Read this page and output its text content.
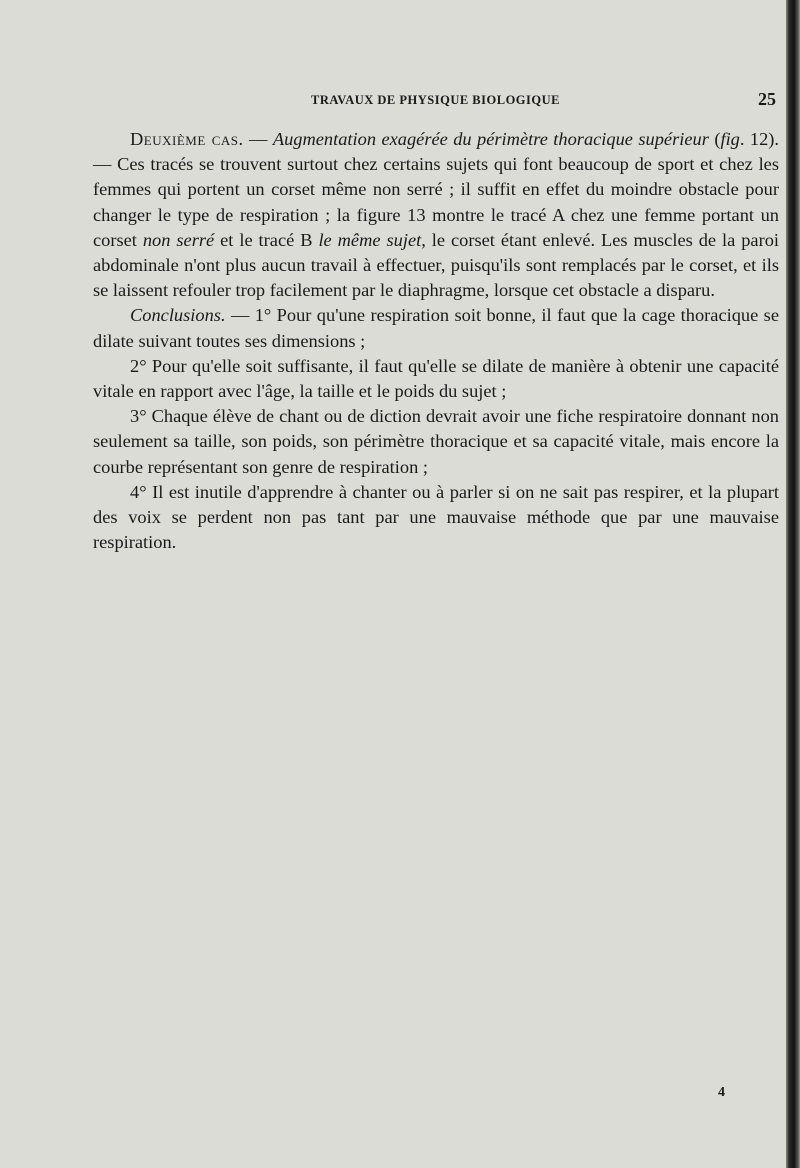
TRAVAUX DE PHYSIQUE BIOLOGIQUE	25

Deuxième cas. — Augmentation exagérée du périmètre thoracique supérieur (fig. 12). — Ces tracés se trouvent surtout chez certains sujets qui font beaucoup de sport et chez les femmes qui portent un corset même non serré ; il suffit en effet du moindre obstacle pour changer le type de respiration ; la figure 13 montre le tracé A chez une femme portant un corset non serré et le tracé B le même sujet, le corset étant enlevé. Les muscles de la paroi abdominale n'ont plus aucun travail à effectuer, puisqu'ils sont remplacés par le corset, et ils se laissent refouler trop facilement par le diaphragme, lorsque cet obstacle a disparu.

Conclusions. — 1° Pour qu'une respiration soit bonne, il faut que la cage thoracique se dilate suivant toutes ses dimensions ;

2° Pour qu'elle soit suffisante, il faut qu'elle se dilate de manière à obtenir une capacité vitale en rapport avec l'âge, la taille et le poids du sujet ;

3° Chaque élève de chant ou de diction devrait avoir une fiche respiratoire donnant non seulement sa taille, son poids, son périmètre thoracique et sa capacité vitale, mais encore la courbe représentant son genre de respiration ;

4° Il est inutile d'apprendre à chanter ou à parler si on ne sait pas respirer, et la plupart des voix se perdent non pas tant par une mauvaise méthode que par une mauvaise respiration.

4
